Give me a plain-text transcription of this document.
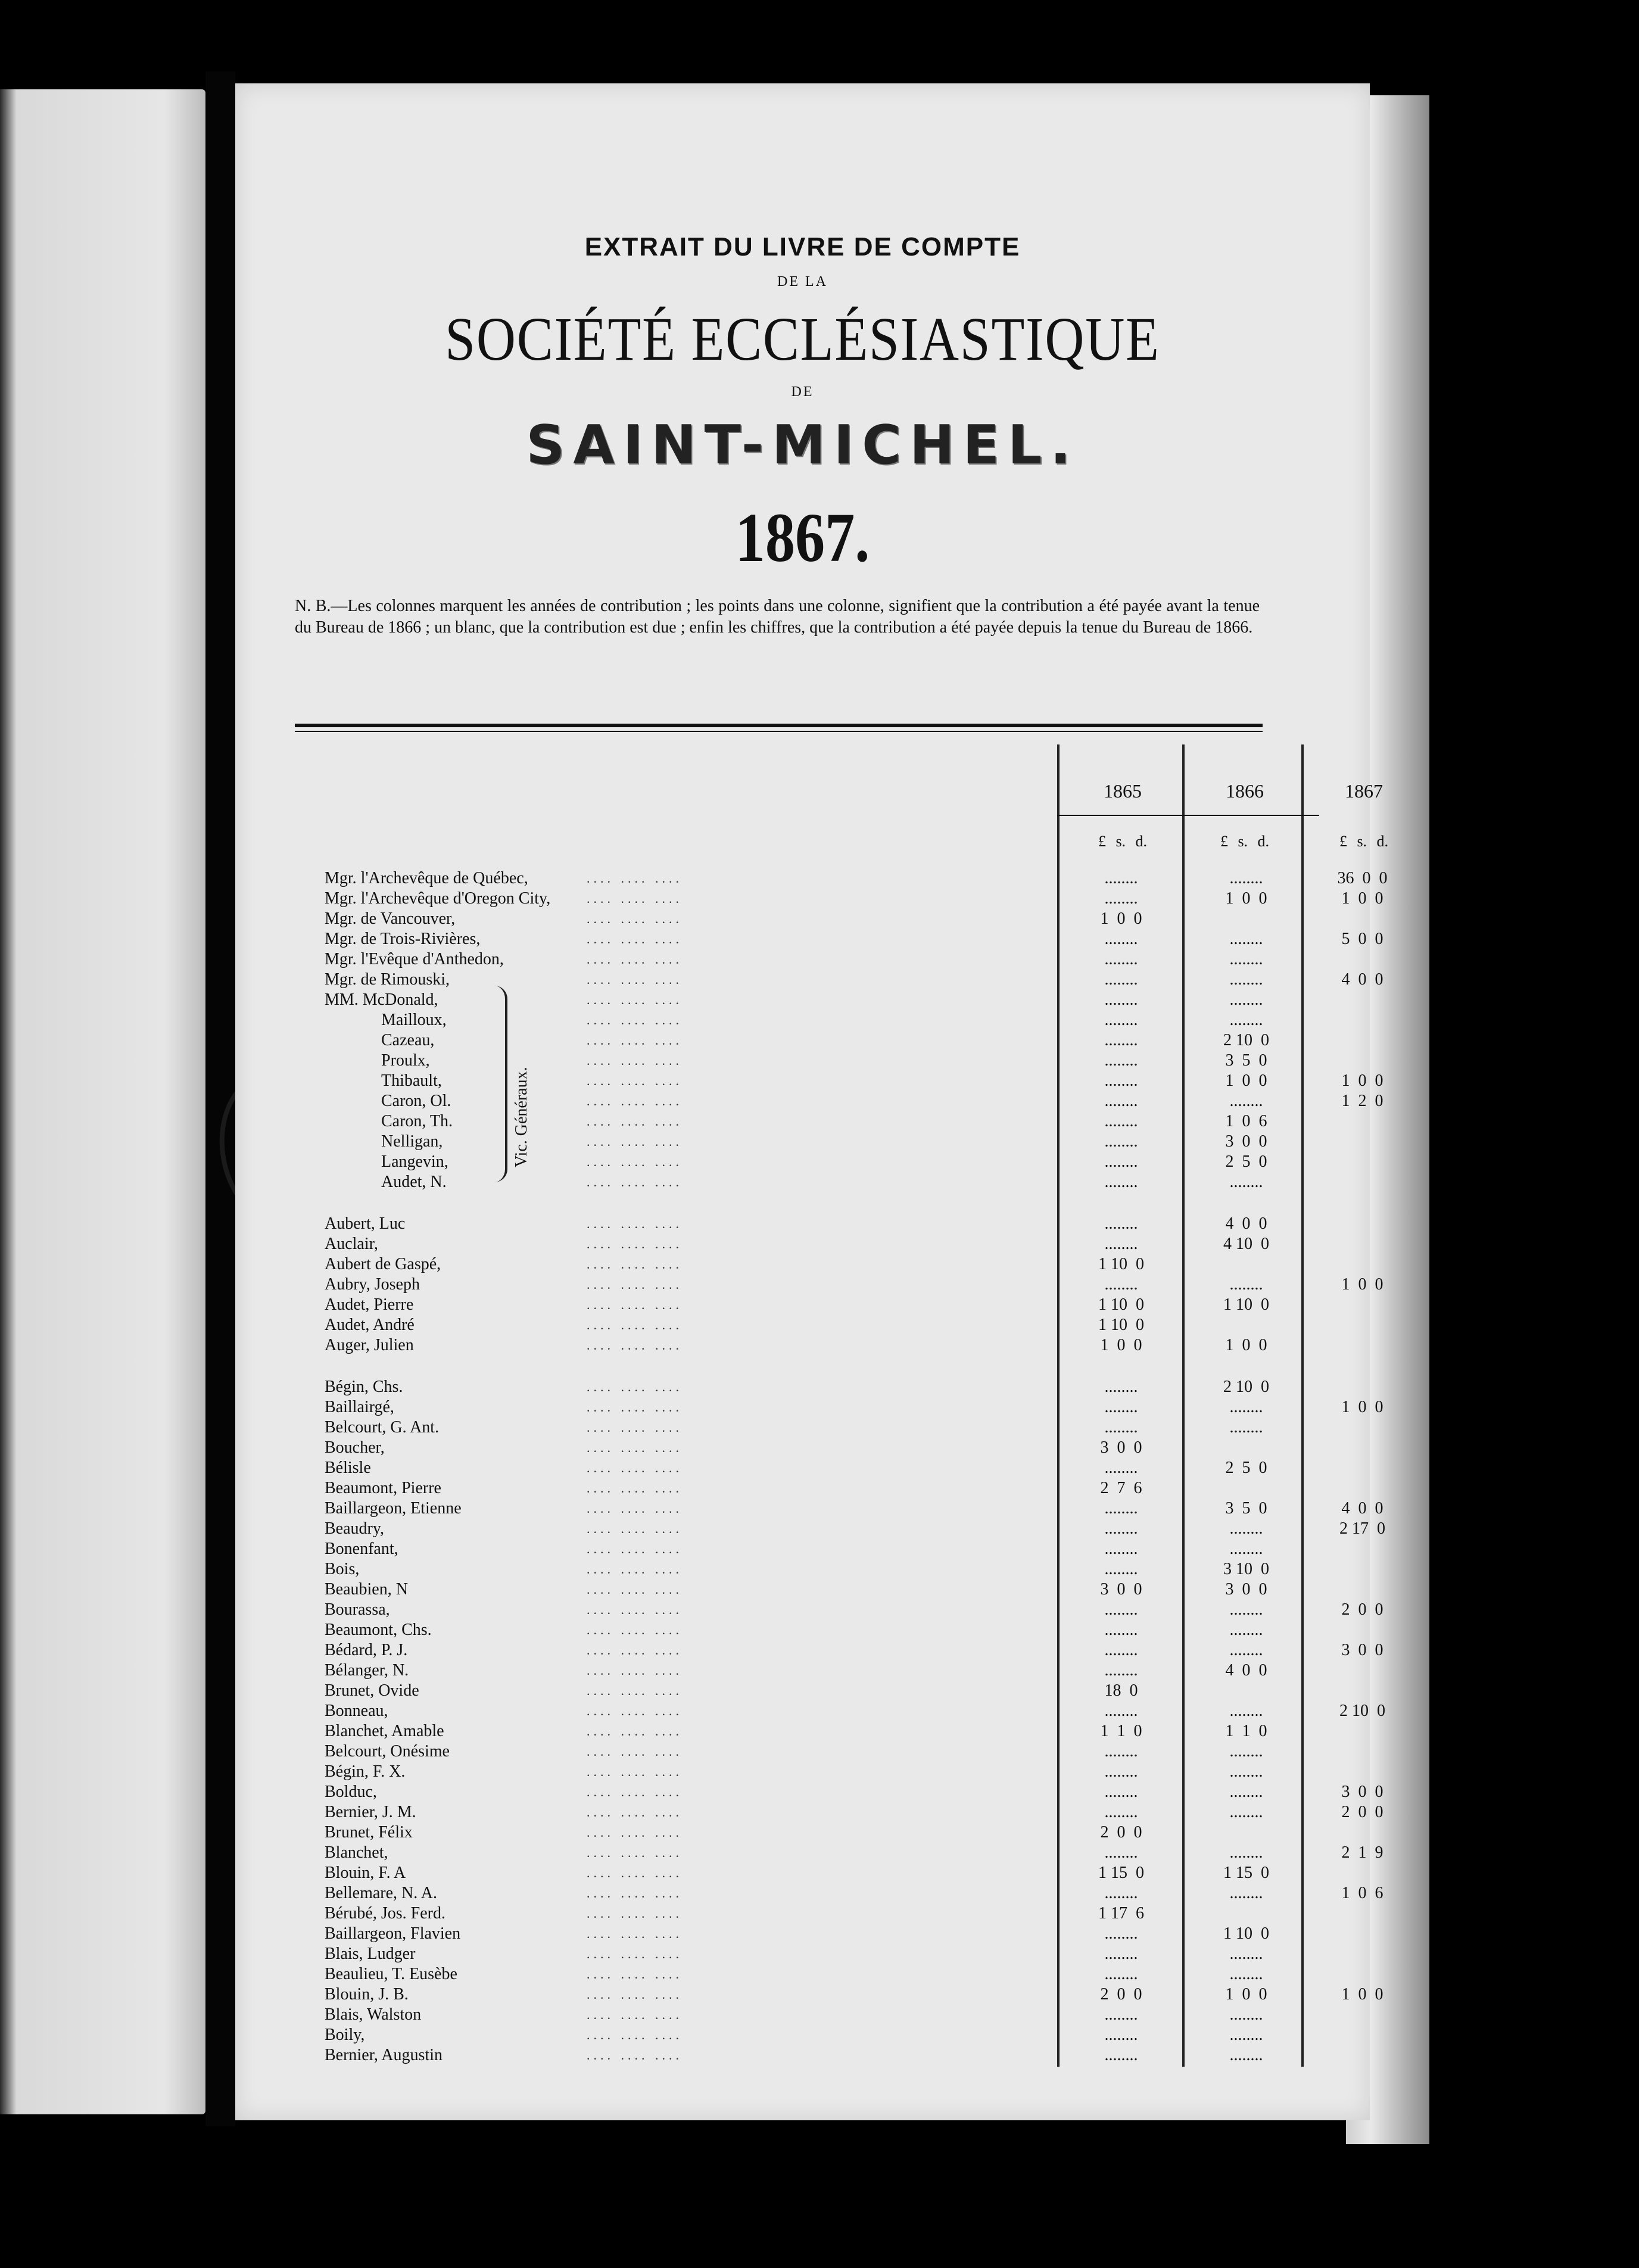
EXTRAIT DU LIVRE DE COMPTE
DE LA
SOCIÉTÉ ECCLÉSIASTIQUE
DE
SAINT-MICHEL.
1867.
N. B.—Les colonnes marquent les années de contribution ; les points dans une colonne, signifient que la contribution a été payée avant la tenue du Bureau de 1866 ; un blanc, que la contribution est due ; enfin les chiffres, que la contribution a été payée depuis la tenue du Bureau de 1866.
1865	1866	1867
£ s. d.	£ s. d.	£ s. d.
Mgr. l'Archevêque de Québec,	.... .... ....	........	........	36  0  0
Mgr. l'Archevêque d'Oregon City,	.... .... ....	........	1  0  0	1  0  0
Mgr. de Vancouver,	.... .... ....	1  0  0
Mgr. de Trois-Rivières,	.... .... ....	........	........	5  0  0
Mgr. l'Evêque d'Anthedon,	.... .... ....	........	........
Mgr. de Rimouski,	.... .... ....	........	........	4  0  0
MM. McDonald,	.... .... ....	........	........
Mailloux,	.... .... ....	........	........
Cazeau,	.... .... ....	........	2 10  0
Proulx,	.... .... ....	........	3  5  0
Thibault,	.... .... ....	........	1  0  0	1  0  0
Caron, Ol.	.... .... ....	........	........	1  2  0
Caron, Th.	.... .... ....	........	1  0  6
Nelligan,	.... .... ....	........	3  0  0
Langevin,	.... .... ....	........	2  5  0
Audet, N.	.... .... ....	........	........
Aubert, Luc	.... .... ....	........	4  0  0
Auclair,	.... .... ....	........	4 10  0
Aubert de Gaspé,	.... .... ....	1 10  0
Aubry, Joseph	.... .... ....	........	........	1  0  0
Audet, Pierre	.... .... ....	1 10  0	1 10  0
Audet, André	.... .... ....	1 10  0
Auger, Julien	.... .... ....	1  0  0	1  0  0
Bégin, Chs.	.... .... ....	........	2 10  0
Baillairgé,	.... .... ....	........	........	1  0  0
Belcourt, G. Ant.	.... .... ....	........	........
Boucher,	.... .... ....	3  0  0
Bélisle	.... .... ....	........	2  5  0
Beaumont, Pierre	.... .... ....	2  7  6
Baillargeon, Etienne	.... .... ....	........	3  5  0	4  0  0
Beaudry,	.... .... ....	........	........	2 17  0
Bonenfant,	.... .... ....	........	........
Bois,	.... .... ....	........	3 10  0
Beaubien, N	.... .... ....	3  0  0	3  0  0
Bourassa,	.... .... ....	........	........	2  0  0
Beaumont, Chs.	.... .... ....	........	........
Bédard, P. J.	.... .... ....	........	........	3  0  0
Bélanger, N.	.... .... ....	........	4  0  0
Brunet, Ovide	.... .... ....	18  0
Bonneau,	.... .... ....	........	........	2 10  0
Blanchet, Amable	.... .... ....	1  1  0	1  1  0
Belcourt, Onésime	.... .... ....	........	........
Bégin, F. X.	.... .... ....	........	........
Bolduc,	.... .... ....	........	........	3  0  0
Bernier, J. M.	.... .... ....	........	........	2  0  0
Brunet, Félix	.... .... ....	2  0  0
Blanchet,	.... .... ....	........	........	2  1  9
Blouin, F. A	.... .... ....	1 15  0	1 15  0
Bellemare, N. A.	.... .... ....	........	........	1  0  6
Bérubé, Jos. Ferd.	.... .... ....	1 17  6
Baillargeon, Flavien	.... .... ....	........	1 10  0
Blais, Ludger	.... .... ....	........	........
Beaulieu, T. Eusèbe	.... .... ....	........	........
Blouin, J. B.	.... .... ....	2  0  0	1  0  0	1  0  0
Blais, Walston	.... .... ....	........	........
Boily,	.... .... ....	........	........
Bernier, Augustin	.... .... ....	........	........
Vic. Généraux.
